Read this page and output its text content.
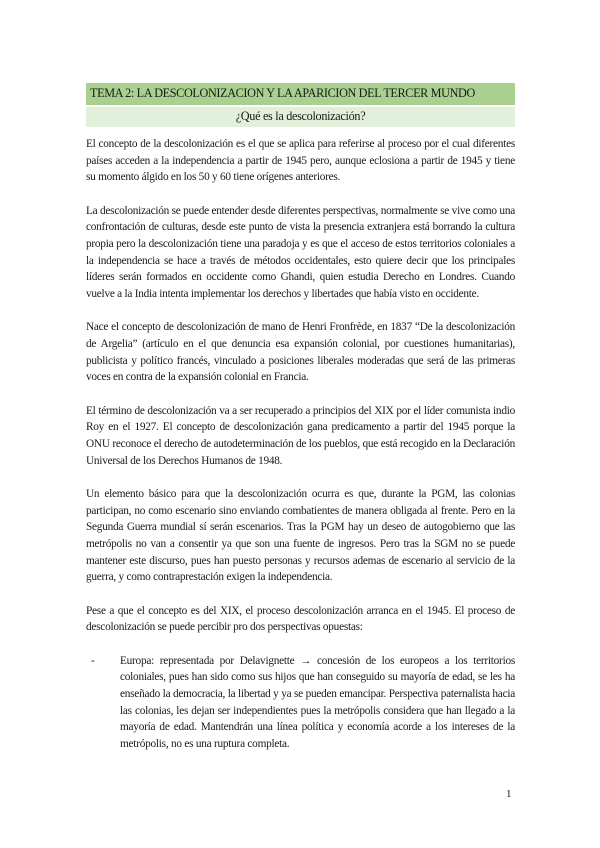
TEMA 2: LA DESCOLONIZACION Y LA APARICION DEL TERCER MUNDO
¿Qué es la descolonización?

El concepto de la descolonización es el que se aplica para referirse al proceso por el cual diferentes países acceden a la independencia a partir de 1945 pero, aunque eclosiona a partir de 1945 y tiene su momento álgido en los 50 y 60 tiene orígenes anteriores.

La descolonización se puede entender desde diferentes perspectivas, normalmente se vive como una confrontación de culturas, desde este punto de vista la presencia extranjera está borrando la cultura propia pero la descolonización tiene una paradoja y es que el acceso de estos territorios coloniales a la independencia se hace a través de métodos occidentales, esto quiere decir que los principales líderes serán formados en occidente como Ghandi, quien estudia Derecho en Londres. Cuando vuelve a la India intenta implementar los derechos y libertades que había visto en occidente.

Nace el concepto de descolonización de mano de Henri Fronfrède, en 1837 “De la descolonización de Argelia” (artículo en el que denuncia esa expansión colonial, por cuestiones humanitarias), publicista y político francés, vinculado a posiciones liberales moderadas que será de las primeras voces en contra de la expansión colonial en Francia.

El término de descolonización va a ser recuperado a principios del XIX por el líder comunista indio Roy en el 1927. El concepto de descolonización gana predicamento a partir del 1945 porque la ONU reconoce el derecho de autodeterminación de los pueblos, que está recogido en la Declaración Universal de los Derechos Humanos de 1948.

Un elemento básico para que la descolonización ocurra es que, durante la PGM, las colonias participan, no como escenario sino enviando combatientes de manera obligada al frente. Pero en la Segunda Guerra mundial sí serán escenarios. Tras la PGM hay un deseo de autogobierno que las metrópolis no van a consentir ya que son una fuente de ingresos. Pero tras la SGM no se puede mantener este discurso, pues han puesto personas y recursos ademas de escenario al servicio de la guerra, y como contraprestación exigen la independencia.

Pese a que el concepto es del XIX, el proceso descolonización arranca en el 1945. El proceso de descolonización se puede percibir pro dos perspectivas opuestas:

- Europa: representada por Delavignette → concesión de los europeos a los territorios coloniales, pues han sido como sus hijos que han conseguido su mayoría de edad, se les ha enseñado la democracia, la libertad y ya se pueden emancipar. Perspectiva paternalista hacia las colonias, les dejan ser independientes pues la metrópolis considera que han llegado a la mayoría de edad. Mantendrán una línea política y economía acorde a los intereses de la metrópolis, no es una ruptura completa.
1
